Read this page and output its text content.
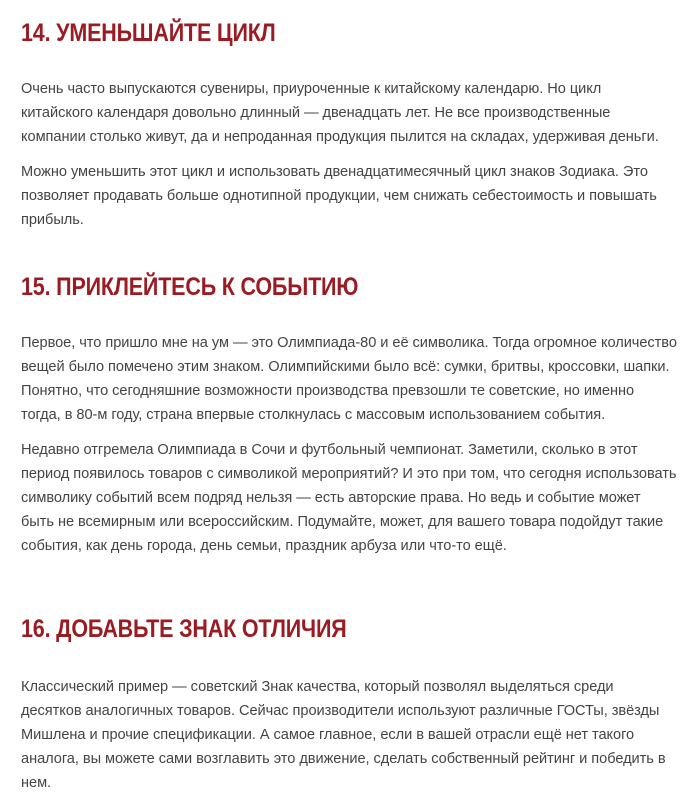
14. УМЕНЬШАЙТЕ ЦИКЛ

Очень часто выпускаются сувениры, приуроченные к китайскому календарю. Но цикл китайского календаря довольно длинный — двенадцать лет. Не все производственные компании столько живут, да и непроданная продукция пылится на складах, удерживая деньги.

Можно уменьшить этот цикл и использовать двенадцатимесячный цикл знаков Зодиака. Это позволяет продавать больше однотипной продукции, чем снижать себестоимость и повышать прибыль.

15. ПРИКЛЕЙТЕСЬ К СОБЫТИЮ

Первое, что пришло мне на ум — это Олимпиада-80 и её символика. Тогда огромное количество вещей было помечено этим знаком. Олимпийскими было всё: сумки, бритвы, кроссовки, шапки. Понятно, что сегодняшние возможности производства превзошли те советские, но именно тогда, в 80-м году, страна впервые столкнулась с массовым использованием события.

Недавно отгремела Олимпиада в Сочи и футбольный чемпионат. Заметили, сколько в этот период появилось товаров с символикой мероприятий? И это при том, что сегодня использовать символику событий всем подряд нельзя — есть авторские права. Но ведь и событие может быть не всемирным или всероссийским. Подумайте, может, для вашего товара подойдут такие события, как день города, день семьи, праздник арбуза или что-то ещё.

16. ДОБАВЬТЕ ЗНАК ОТЛИЧИЯ

Классический пример — советский Знак качества, который позволял выделяться среди десятков аналогичных товаров. Сейчас производители используют различные ГОСТы, звёзды Мишлена и прочие спецификации. А самое главное, если в вашей отрасли ещё нет такого аналога, вы можете сами возглавить это движение, сделать собственный рейтинг и победить в нем.
